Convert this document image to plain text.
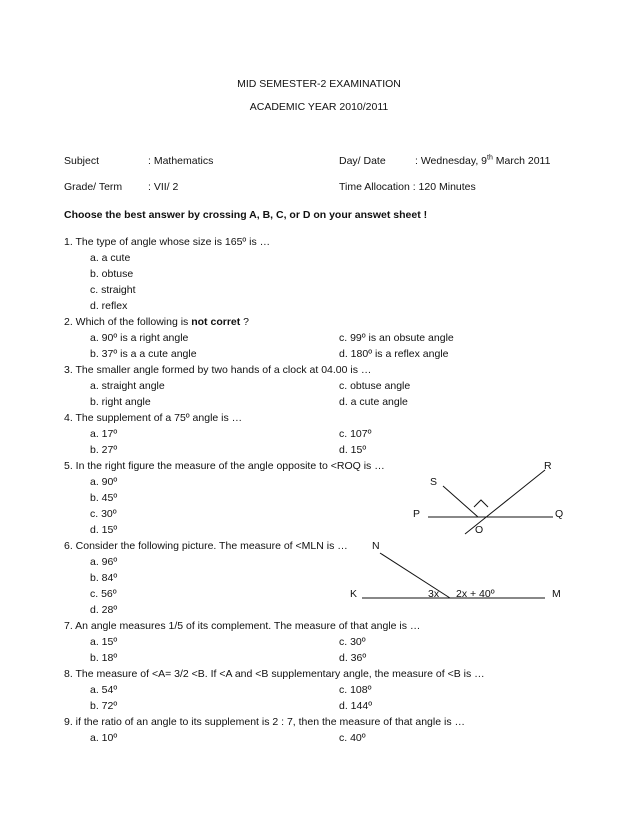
MID SEMESTER-2 EXAMINATION
ACADEMIC YEAR 2010/2011
Subject	: Mathematics	Day/ Date	: Wednesday, 9th March 2011
Grade/ Term : VII/ 2	Time Allocation : 120 Minutes
Choose the best answer by crossing A, B, C, or D on your answet sheet !
1. The type of angle whose size is 165º is …
a. a cute
b. obtuse
c. straight
d. reflex
2. Which of the following is not corret ?
a. 90º is a right angle
b. 37º is a a cute angle
c. 99º is an obsute angle
d. 180º is a reflex angle
3. The smaller angle formed by two hands of a clock at 04.00 is …
a. straight angle
b. right angle
c. obtuse angle
d. a cute angle
4. The supplement of a 75º angle is …
a. 17º
b. 27º
c. 107º
d. 15º
5. In the right figure the measure of the angle opposite to <ROQ is …
a. 90º
b. 45º
c. 30º
d. 15º
R
S
P	Q
O
6. Consider the following picture. The measure of <MLN is …
a. 96º
b. 84º
c. 56º
d. 28º
N
K	M
3x 2x + 40º
7. An angle measures 1/5 of its complement. The measure of that angle is …
a. 15º
b. 18º
c. 30º
d. 36º
8. The measure of <A= 3/2 <B. If <A and <B supplementary angle, the measure of <B is …
a. 54º
b. 72º
c. 108º
d. 144º
9. if the ratio of an angle to its supplement is 2 : 7, then the measure of that angle is …
a. 10º	c. 40º
